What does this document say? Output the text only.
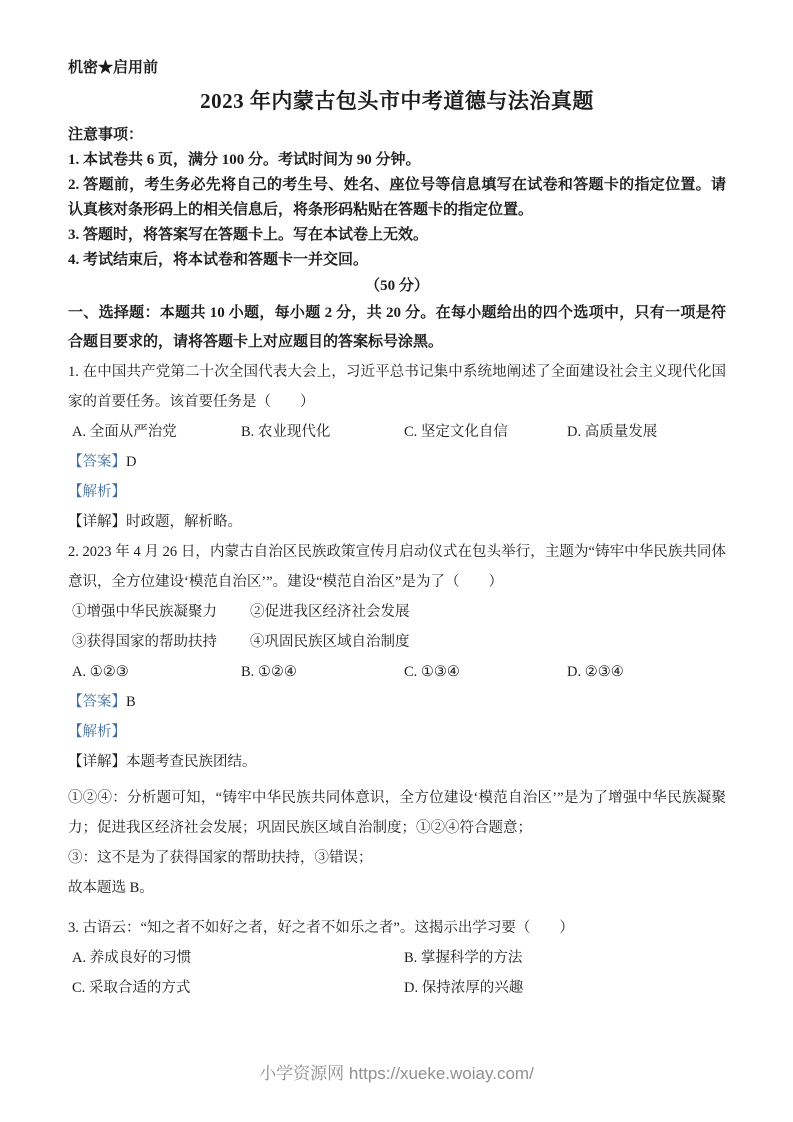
机密★启用前
2023 年内蒙古包头市中考道德与法治真题
注意事项：
1. 本试卷共 6 页，满分 100 分。考试时间为 90 分钟。
2. 答题前，考生务必先将自己的考生号、姓名、座位号等信息填写在试卷和答题卡的指定位置。请认真核对条形码上的相关信息后，将条形码粘贴在答题卡的指定位置。
3. 答题时，将答案写在答题卡上。写在本试卷上无效。
4. 考试结束后，将本试卷和答题卡一并交回。
（50 分）
一、选择题：本题共 10 小题，每小题 2 分，共 20 分。在每小题给出的四个选项中，只有一项是符合题目要求的，请将答题卡上对应题目的答案标号涂黑。
1. 在中国共产党第二十次全国代表大会上，习近平总书记集中系统地阐述了全面建设社会主义现代化国家的首要任务。该首要任务是（　　）
A. 全面从严治党	B. 农业现代化	C. 坚定文化自信	D. 高质量发展
【答案】D
【解析】
【详解】时政题，解析略。
2. 2023 年 4 月 26 日，内蒙古自治区民族政策宣传月启动仪式在包头举行，主题为“铸牢中华民族共同体意识，全方位建设‘模范自治区’”。建设“模范自治区”是为了（　　）
①增强中华民族凝聚力	②促进我区经济社会发展
③获得国家的帮助扶持	④巩固民族区域自治制度
A. ①②③	B. ①②④	C. ①③④	D. ②③④
【答案】B
【解析】
【详解】本题考查民族团结。
①②④：分析题可知，“铸牢中华民族共同体意识，全方位建设‘模范自治区’”是为了增强中华民族凝聚力；促进我区经济社会发展；巩固民族区域自治制度；①②④符合题意；
③：这不是为了获得国家的帮助扶持，③错误；
故本题选 B。
3. 古语云：“知之者不如好之者，好之者不如乐之者”。这揭示出学习要（　　）
A. 养成良好的习惯	B. 掌握科学的方法
C. 采取合适的方式	D. 保持浓厚的兴趣
小学资源网 https://xueke.woiay.com/
